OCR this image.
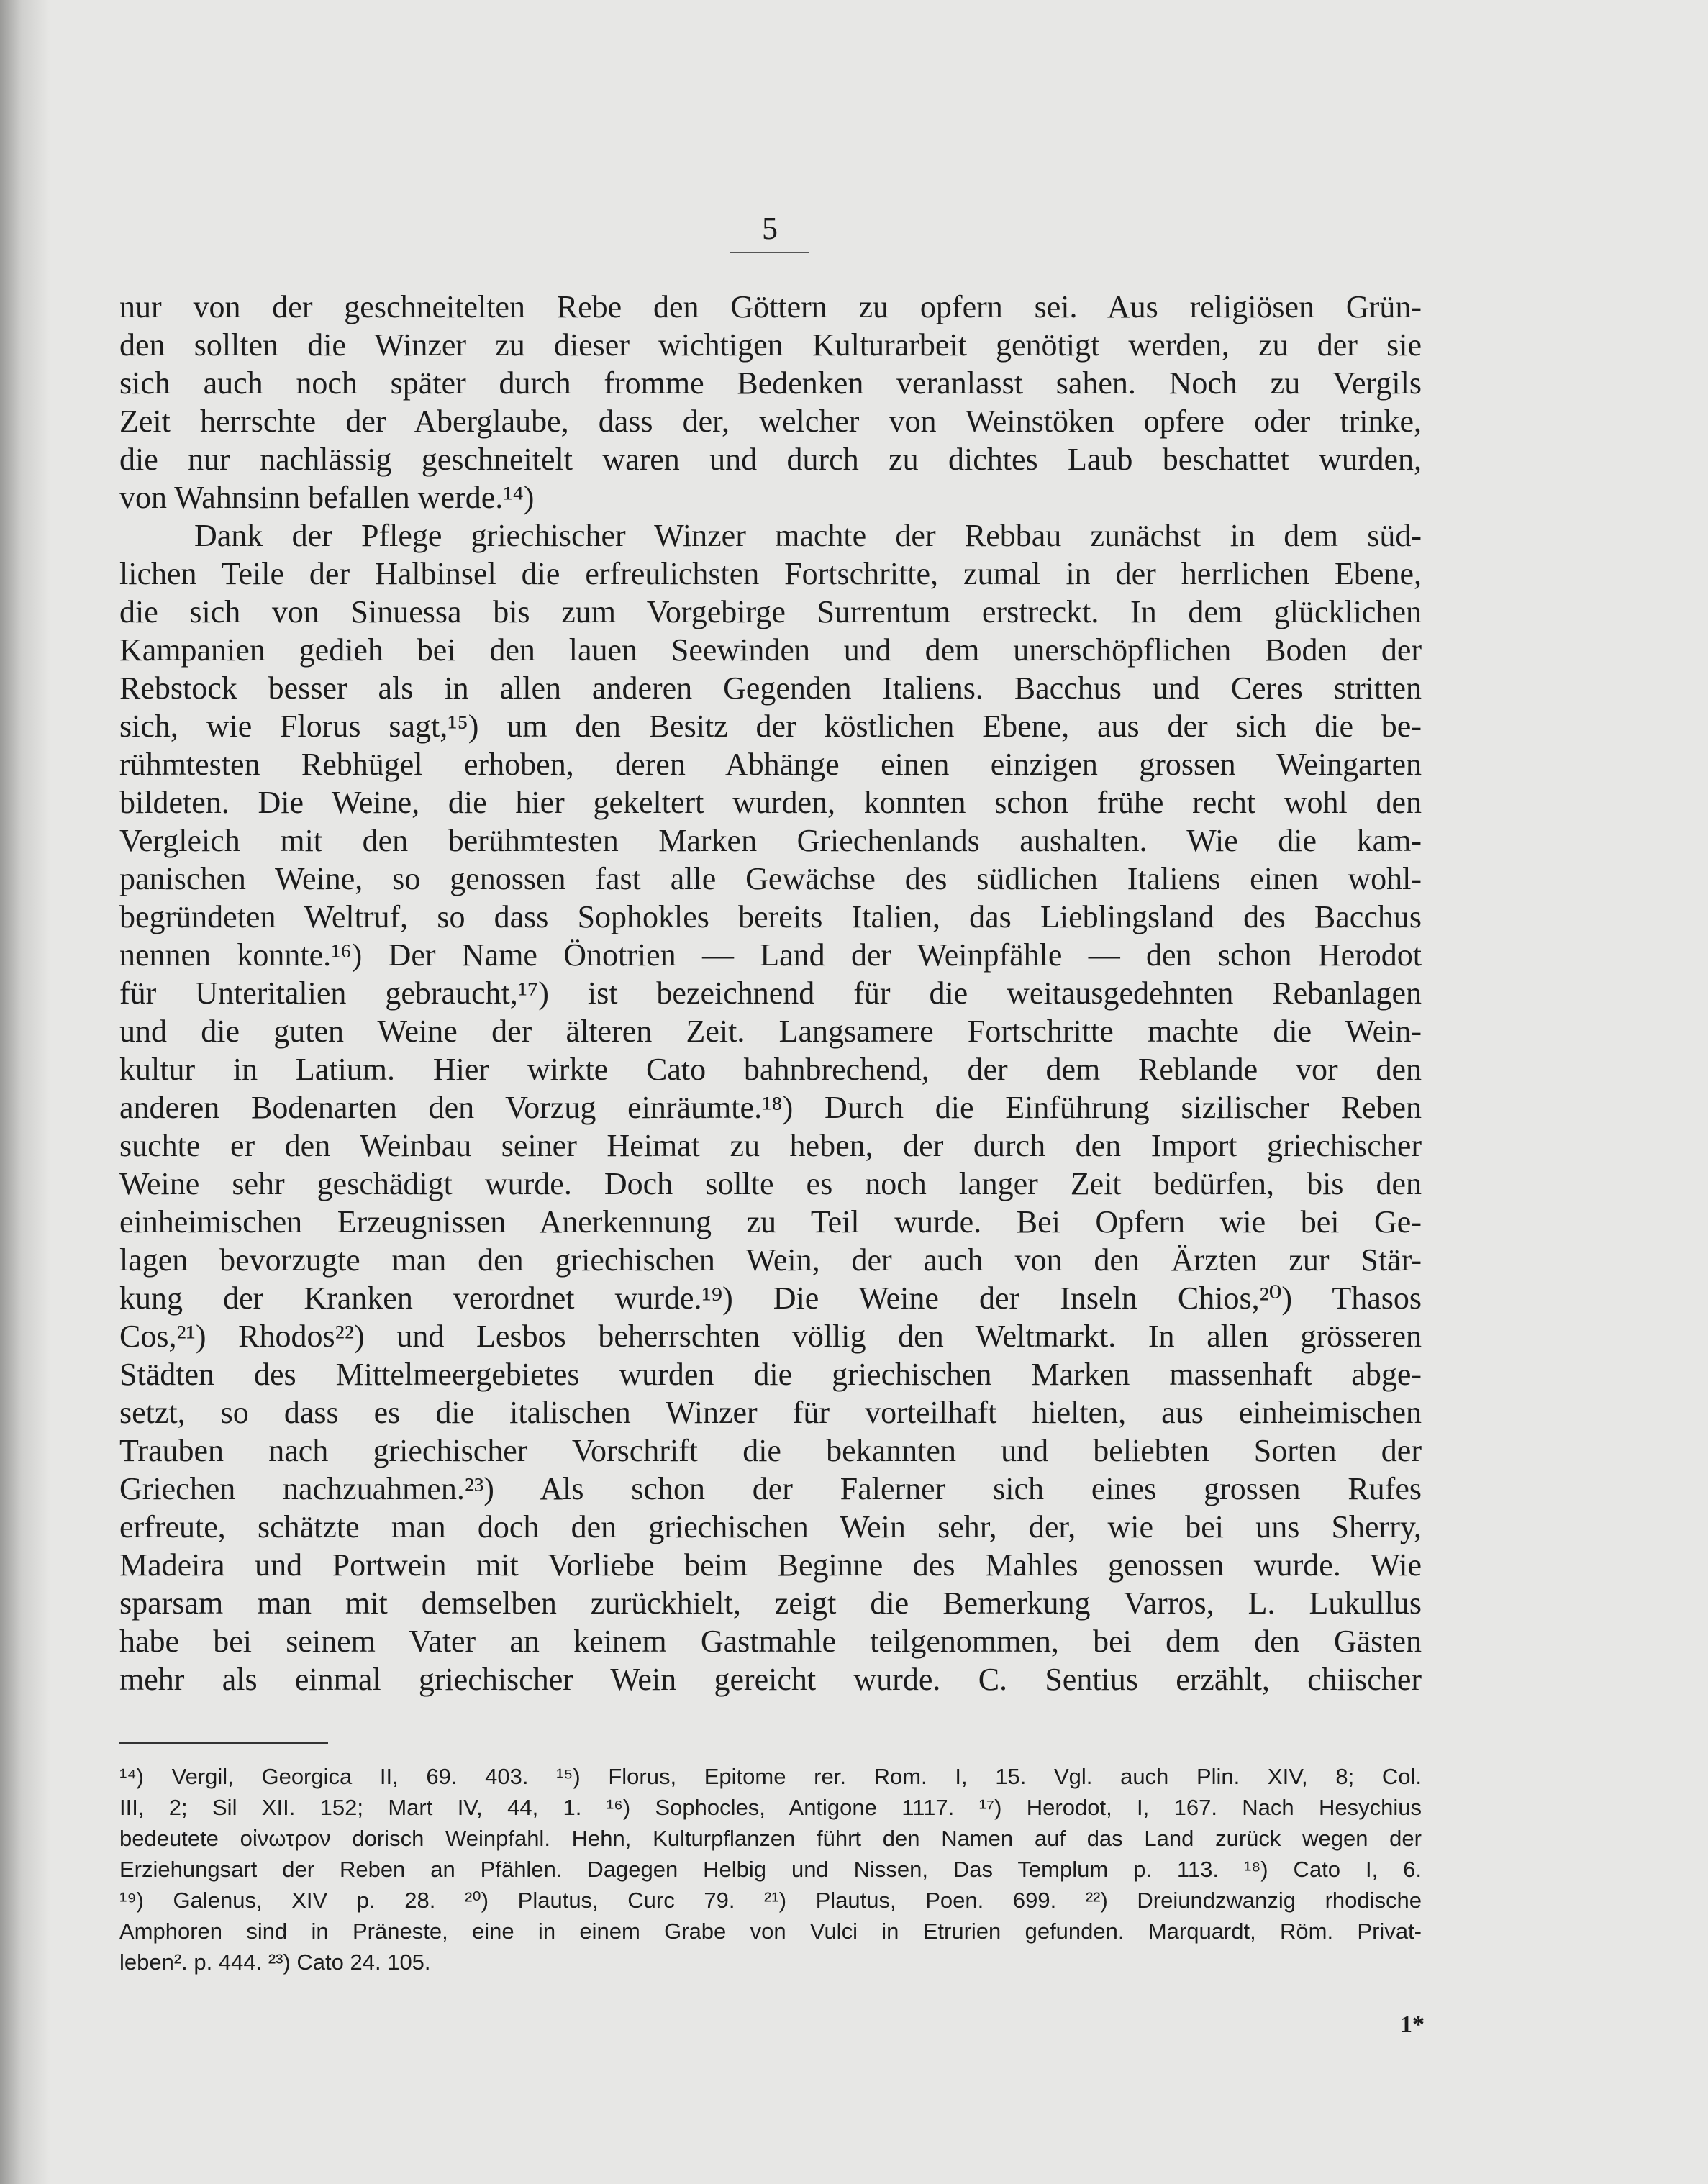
5

nur von der geschneitelten Rebe den Göttern zu opfern sei. Aus religiösen Grün-
den sollten die Winzer zu dieser wichtigen Kulturarbeit genötigt werden, zu der sie
sich auch noch später durch fromme Bedenken veranlasst sahen. Noch zu Vergils
Zeit herrschte der Aberglaube, dass der, welcher von Weinstöken opfere oder trinke,
die nur nachlässig geschneitelt waren und durch zu dichtes Laub beschattet wurden,
von Wahnsinn befallen werde.¹⁴)

Dank der Pflege griechischer Winzer machte der Rebbau zunächst in dem süd-
lichen Teile der Halbinsel die erfreulichsten Fortschritte, zumal in der herrlichen Ebene,
die sich von Sinuessa bis zum Vorgebirge Surrentum erstreckt. In dem glücklichen
Kampanien gedieh bei den lauen Seewinden und dem unerschöpflichen Boden der
Rebstock besser als in allen anderen Gegenden Italiens. Bacchus und Ceres stritten
sich, wie Florus sagt,¹⁵) um den Besitz der köstlichen Ebene, aus der sich die be-
rühmtesten Rebhügel erhoben, deren Abhänge einen einzigen grossen Weingarten
bildeten. Die Weine, die hier gekeltert wurden, konnten schon frühe recht wohl den
Vergleich mit den berühmtesten Marken Griechenlands aushalten. Wie die kam-
panischen Weine, so genossen fast alle Gewächse des südlichen Italiens einen wohl-
begründeten Weltruf, so dass Sophokles bereits Italien, das Lieblingsland des Bacchus
nennen konnte.¹⁶) Der Name Önotrien — Land der Weinpfähle — den schon Herodot
für Unteritalien gebraucht,¹⁷) ist bezeichnend für die weitausgedehnten Rebanlagen
und die guten Weine der älteren Zeit. Langsamere Fortschritte machte die Wein-
kultur in Latium. Hier wirkte Cato bahnbrechend, der dem Reblande vor den
anderen Bodenarten den Vorzug einräumte.¹⁸) Durch die Einführung sizilischer Reben
suchte er den Weinbau seiner Heimat zu heben, der durch den Import griechischer
Weine sehr geschädigt wurde. Doch sollte es noch langer Zeit bedürfen, bis den
einheimischen Erzeugnissen Anerkennung zu Teil wurde. Bei Opfern wie bei Ge-
lagen bevorzugte man den griechischen Wein, der auch von den Ärzten zur Stär-
kung der Kranken verordnet wurde.¹⁹) Die Weine der Inseln Chios,²⁰) Thasos
Cos,²¹) Rhodos²²) und Lesbos beherrschten völlig den Weltmarkt. In allen grösseren
Städten des Mittelmeergebietes wurden die griechischen Marken massenhaft abge-
setzt, so dass es die italischen Winzer für vorteilhaft hielten, aus einheimischen
Trauben nach griechischer Vorschrift die bekannten und beliebten Sorten der
Griechen nachzuahmen.²³) Als schon der Falerner sich eines grossen Rufes
erfreute, schätzte man doch den griechischen Wein sehr, der, wie bei uns Sherry,
Madeira und Portwein mit Vorliebe beim Beginne des Mahles genossen wurde. Wie
sparsam man mit demselben zurückhielt, zeigt die Bemerkung Varros, L. Lukullus
habe bei seinem Vater an keinem Gastmahle teilgenommen, bei dem den Gästen
mehr als einmal griechischer Wein gereicht wurde. C. Sentius erzählt, chiischer

¹⁴) Vergil, Georgica II, 69. 403. ¹⁵) Florus, Epitome rer. Rom. I, 15. Vgl. auch Plin. XIV, 8; Col.
III, 2; Sil XII. 152; Mart IV, 44, 1. ¹⁶) Sophocles, Antigone 1117. ¹⁷) Herodot, I, 167. Nach Hesychius
bedeutete οἰνωτρον dorisch Weinpfahl. Hehn, Kulturpflanzen führt den Namen auf das Land zurück wegen der
Erziehungsart der Reben an Pfählen. Dagegen Helbig und Nissen, Das Templum p. 113. ¹⁸) Cato I, 6.
¹⁹) Galenus, XIV p. 28. ²⁰) Plautus, Curc 79. ²¹) Plautus, Poen. 699. ²²) Dreiundzwanzig rhodische
Amphoren sind in Präneste, eine in einem Grabe von Vulci in Etrurien gefunden. Marquardt, Röm. Privat-
leben². p. 444. ²³) Cato 24. 105.
1*
